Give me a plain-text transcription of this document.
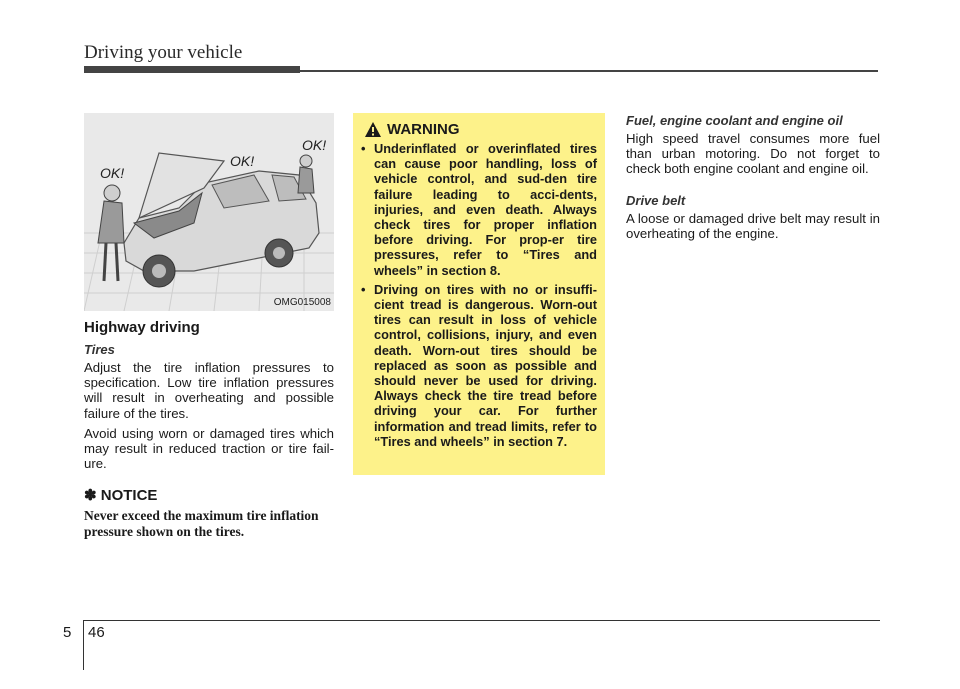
Driving your vehicle
OK!
OK!
OK!
OMG015008
Highway driving
Tires

Adjust the tire inflation pressures to specification. Low tire inflation pressures will result in overheating and possible failure of the tires.

Avoid using worn or damaged tires which may result in reduced traction or tire fail-ure.

✽ NOTICE

Never exceed the maximum tire inflation pressure shown on the tires.

WARNING
• Underinflated or overinflated tires can cause poor handling, loss of vehicle control, and sud-den tire failure leading to acci-dents, injuries, and even death. Always check tires for proper inflation before driving. For prop-er tire pressures, refer to “Tires and wheels” in section 8.
• Driving on tires with no or insuffi-cient tread is dangerous. Worn-out tires can result in loss of vehicle control, collisions, injury, and even death. Worn-out tires should be replaced as soon as possible and should never be used for driving. Always check the tire tread before driving your car. For further information and tread limits, refer to “Tires and wheels” in section 7.
Fuel, engine coolant and engine oil

High speed travel consumes more fuel than urban motoring. Do not forget to check both engine coolant and engine oil.

Drive belt

A loose or damaged drive belt may result in overheating of the engine.

5 46
